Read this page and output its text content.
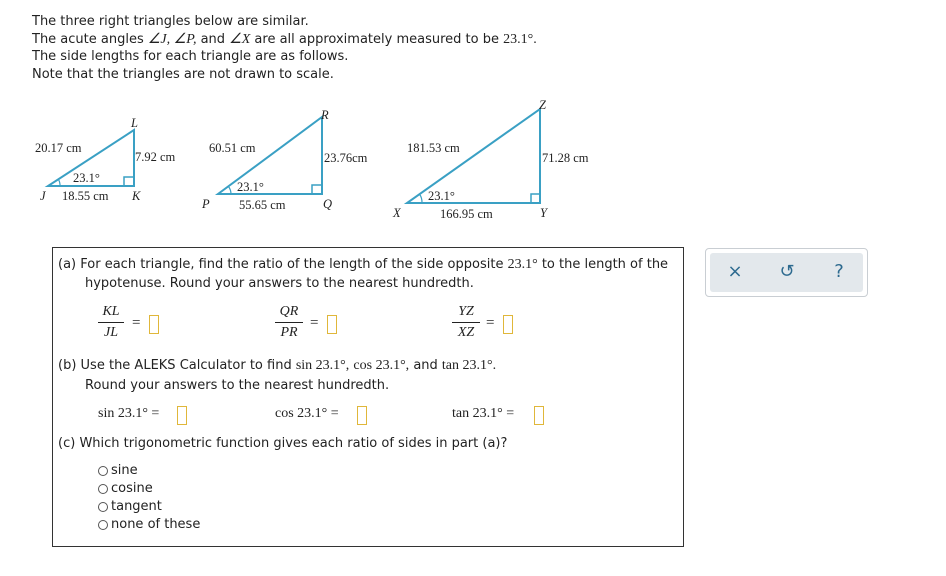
The three right triangles below are similar.
The acute angles ∠J, ∠P, and ∠X are all approximately measured to be 23.1°.
The side lengths for each triangle are as follows.
Note that the triangles are not drawn to scale.
J	K
L
20.17 cm
7.92 cm
18.55 cm
23.1°
P	Q
R
60.51 cm
23.76cm
55.65 cm
23.1°
X	Y
Z
181.53 cm
71.28 cm
166.95 cm
23.1°
(a) For each triangle, find the ratio of the length of the side opposite 23.1° to the length of the
hypotenuse. Round your answers to the nearest hundredth.
KL
JL
=
QR
PR
=
YZ
XZ
=
(b) Use the ALEKS Calculator to find sin 23.1°, cos 23.1°, and tan 23.1°.
Round your answers to the nearest hundredth.
sin 23.1° =	cos 23.1° =	tan 23.1° =
(c) Which trigonometric function gives each ratio of sides in part (a)?
sine
cosine
tangent
none of these
× ↺ ?
